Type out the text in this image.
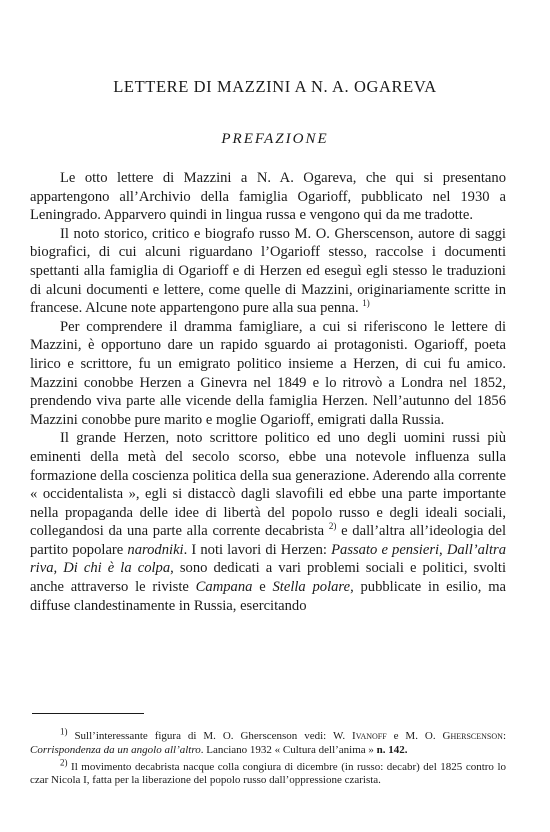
LETTERE DI MAZZINI A N. A. OGAREVA
PREFAZIONE

Le otto lettere di Mazzini a N. A. Ogareva, che qui si presentano appartengono all’Archivio della famiglia Ogarioff, pubblicato nel 1930 a Leningrado. Apparvero quindi in lingua russa e vengono qui da me tradotte.

Il noto storico, critico e biografo russo M. O. Gherscenson, autore di saggi biografici, di cui alcuni riguardano l’Ogarioff stesso, raccolse i documenti spettanti alla famiglia di Ogarioff e di Herzen ed eseguì egli stesso le traduzioni di alcuni documenti e lettere, come quelle di Mazzini, originariamente scritte in francese. Alcune note appartengono pure alla sua penna. $^{1)}$

Per comprendere il dramma famigliare, a cui si riferiscono le lettere di Mazzini, è opportuno dare un rapido sguardo ai protagonisti. Ogarioff, poeta lirico e scrittore, fu un emigrato politico insieme a Herzen, di cui fu amico. Mazzini conobbe Herzen a Ginevra nel 1849 e lo ritrovò a Londra nel 1852, prendendo viva parte alle vicende della famiglia Herzen. Nell’autunno del 1856 Mazzini conobbe pure marito e moglie Ogarioff, emigrati dalla Russia.

Il grande Herzen, noto scrittore politico ed uno degli uomini russi più eminenti della metà del secolo scorso, ebbe una notevole influenza sulla formazione della coscienza politica della sua generazione. Aderendo alla corrente « occidentalista », egli si distaccò dagli slavofili ed ebbe una parte importante nella propaganda delle idee di libertà del popolo russo e degli ideali sociali, collegandosi da una parte alla corrente decabrista $^{2)}$ e dall’altra all’ideologia del partito popolare narodniki. I noti lavori di Herzen: Passato e pensieri, Dall’altra riva, Di chi è la colpa, sono dedicati a vari problemi sociali e politici, svolti anche attraverso le riviste Campana e Stella polare, pubblicate in esilio, ma diffuse clandestinamente in Russia, esercitando

$^{1)}$ Sull’interessante figura di M. O. Gherscenson vedi: W. Ivanoff e M. O. Gherscenson: Corrispondenza da un angolo all’altro. Lanciano 1932 « Cultura dell’anima » n. 142.

$^{2)}$ Il movimento decabrista nacque colla congiura di dicembre (in russo: decabr) del 1825 contro lo czar Nicola I, fatta per la liberazione del popolo russo dall’oppressione czarista.
